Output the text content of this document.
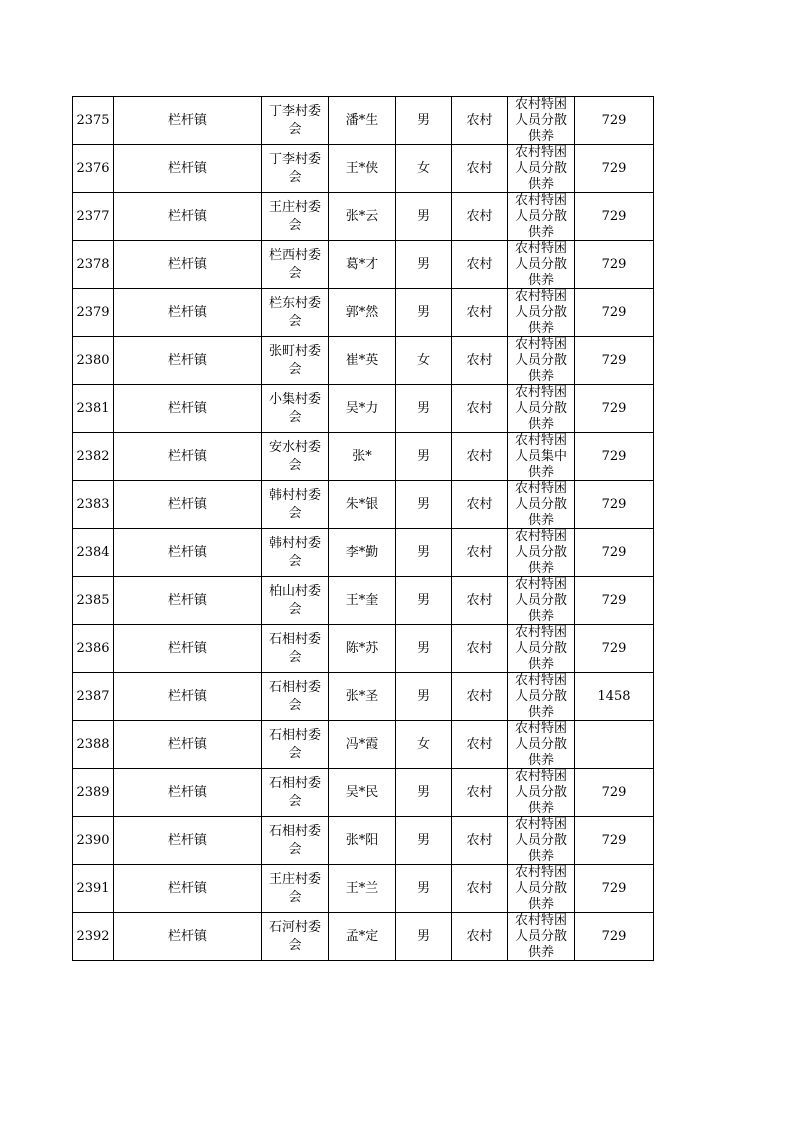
2375	栏杆镇	丁李村委会	潘*生	男	农村	农村特困人员分散供养	729
2376	栏杆镇	丁李村委会	王*侠	女	农村	农村特困人员分散供养	729
2377	栏杆镇	王庄村委会	张*云	男	农村	农村特困人员分散供养	729
2378	栏杆镇	栏西村委会	葛*才	男	农村	农村特困人员分散供养	729
2379	栏杆镇	栏东村委会	郭*然	男	农村	农村特困人员分散供养	729
2380	栏杆镇	张町村委会	崔*英	女	农村	农村特困人员分散供养	729
2381	栏杆镇	小集村委会	吴*力	男	农村	农村特困人员分散供养	729
2382	栏杆镇	安水村委会	张*	男	农村	农村特困人员集中供养	729
2383	栏杆镇	韩村村委会	朱*银	男	农村	农村特困人员分散供养	729
2384	栏杆镇	韩村村委会	李*勤	男	农村	农村特困人员分散供养	729
2385	栏杆镇	柏山村委会	王*奎	男	农村	农村特困人员分散供养	729
2386	栏杆镇	石相村委会	陈*苏	男	农村	农村特困人员分散供养	729
2387	栏杆镇	石相村委会	张*圣	男	农村	农村特困人员分散供养	1458
2388	栏杆镇	石相村委会	冯*霞	女	农村	农村特困人员分散供养	

2389	栏杆镇	石相村委会	吴*民	男	农村	农村特困人员分散供养	729
2390	栏杆镇	石相村委会	张*阳	男	农村	农村特困人员分散供养	729
2391	栏杆镇	王庄村委会	王*兰	男	农村	农村特困人员分散供养	729
2392	栏杆镇	石河村委会	孟*定	男	农村	农村特困人员分散供养	729
